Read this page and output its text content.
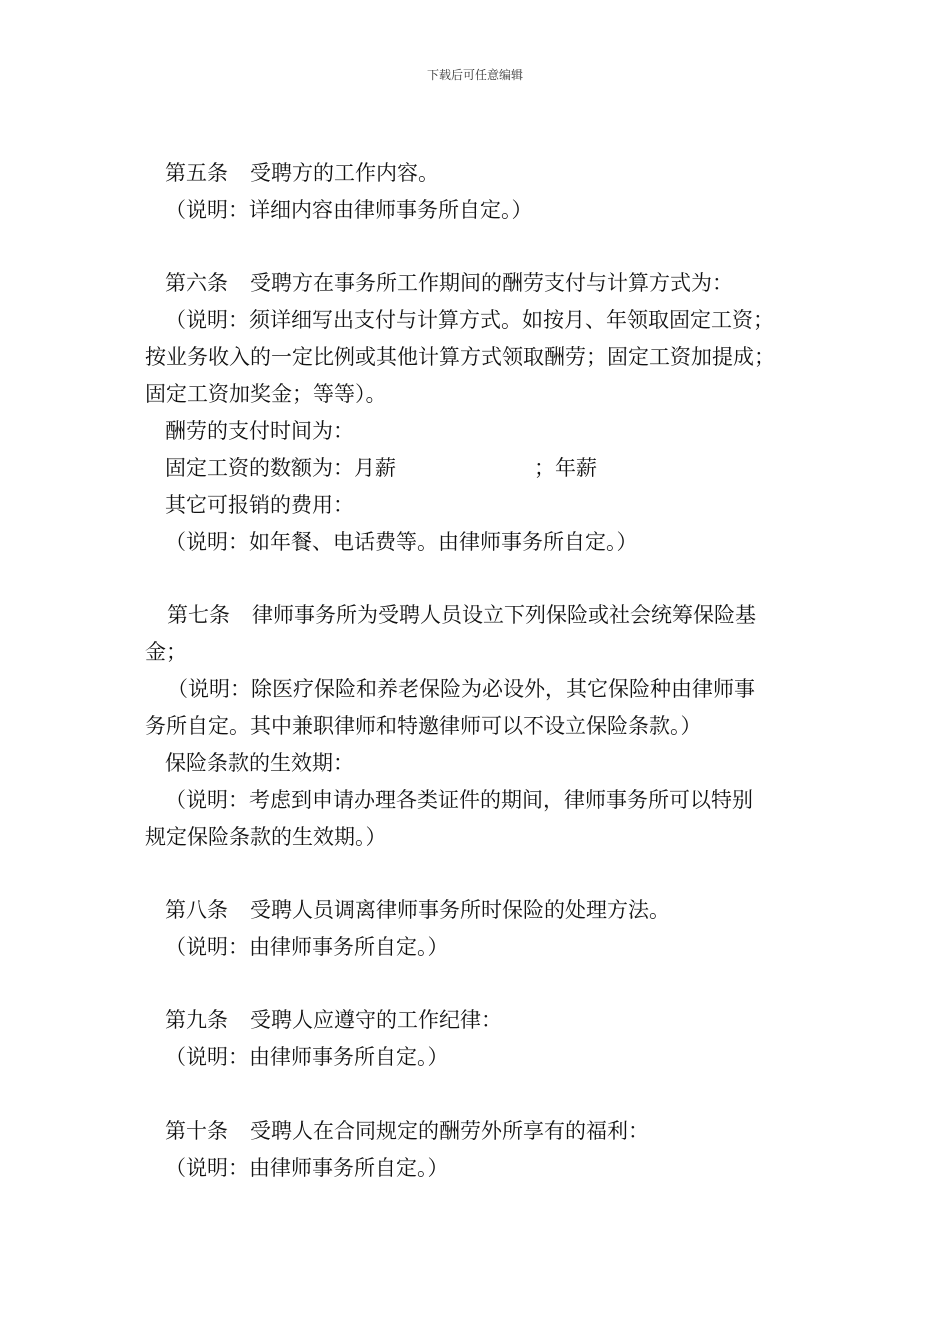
下载后可任意编辑
第五条 受聘方的工作内容。
（说明：详细内容由律师事务所自定。）
第六条 受聘方在事务所工作期间的酬劳支付与计算方式为：
（说明：须详细写出支付与计算方式。如按月、年领取固定工资；
按业务收入的一定比例或其他计算方式领取酬劳；固定工资加提成；
固定工资加奖金；等等）。
酬劳的支付时间为：
固定工资的数额为：月薪	；年薪
其它可报销的费用：
（说明：如年餐、电话费等。由律师事务所自定。）
第七条 律师事务所为受聘人员设立下列保险或社会统筹保险基
金；
（说明：除医疗保险和养老保险为必设外，其它保险种由律师事
务所自定。其中兼职律师和特邀律师可以不设立保险条款。）
保险条款的生效期：
（说明：考虑到申请办理各类证件的期间，律师事务所可以特别
规定保险条款的生效期。）
第八条 受聘人员调离律师事务所时保险的处理方法。
（说明：由律师事务所自定。）
第九条 受聘人应遵守的工作纪律：
（说明：由律师事务所自定。）
第十条 受聘人在合同规定的酬劳外所享有的福利：
（说明：由律师事务所自定。）
